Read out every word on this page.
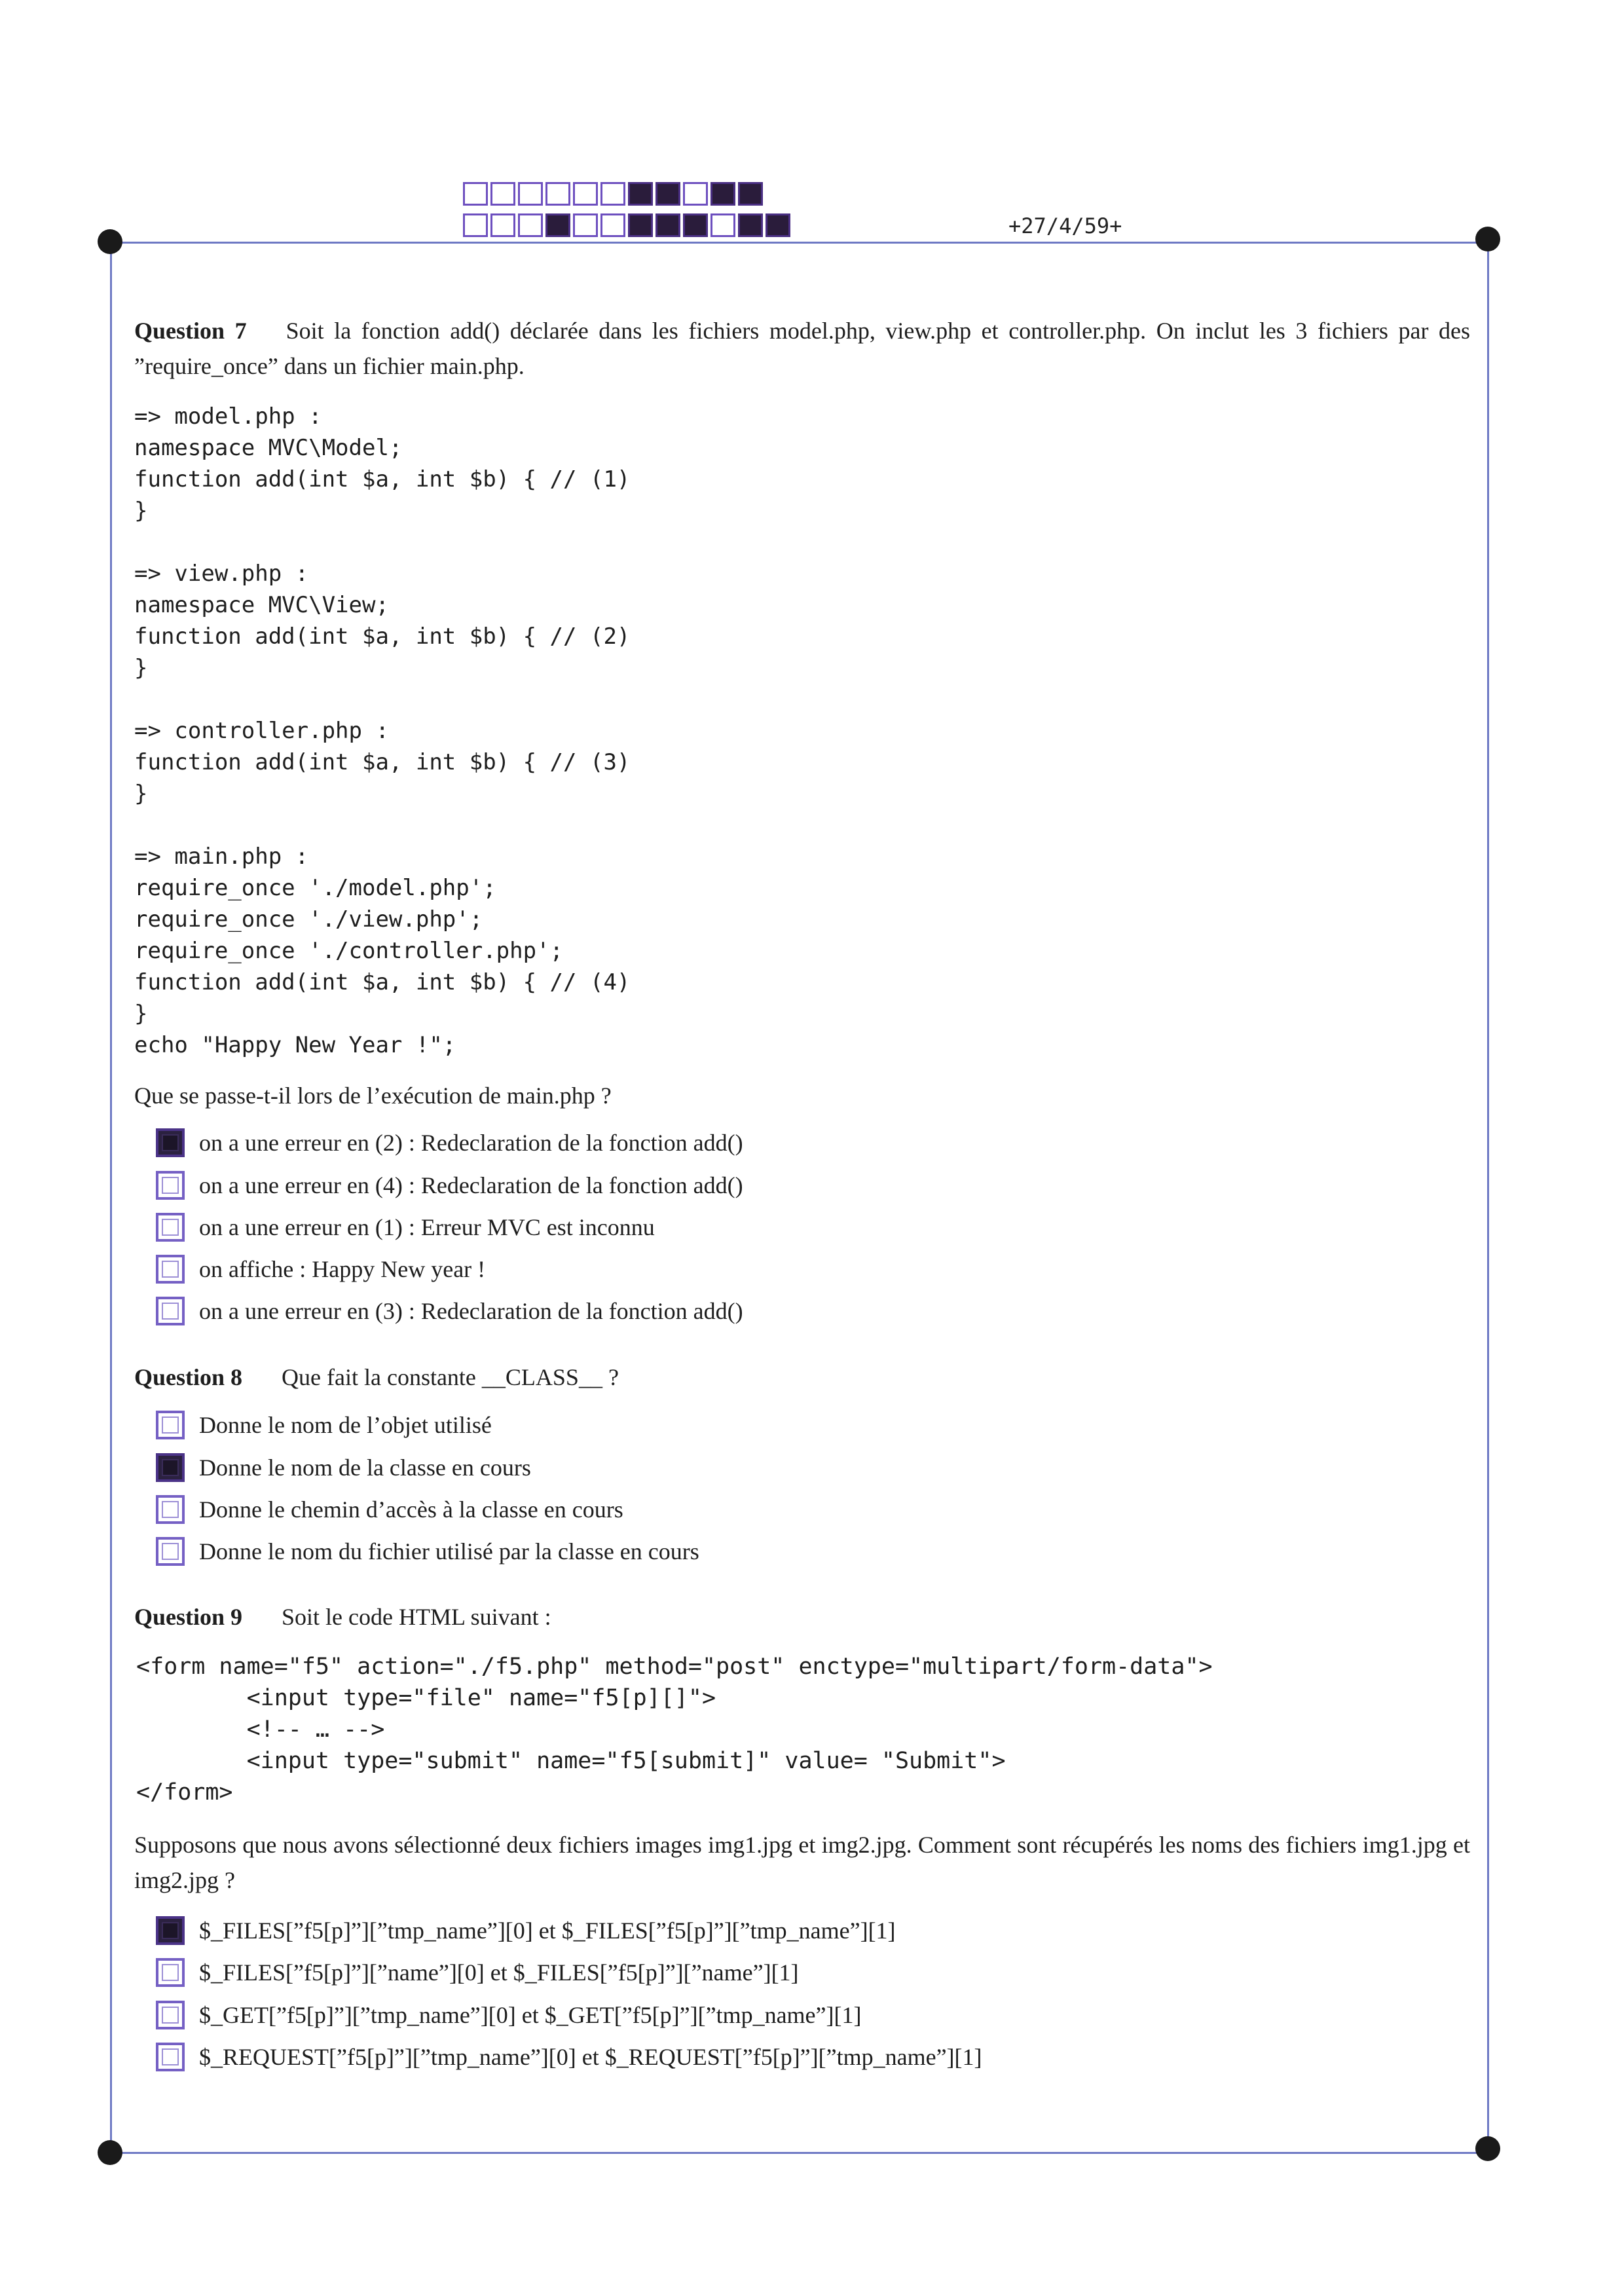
+27/4/59+
Question 7 Soit la fonction add() déclarée dans les fichiers model.php, view.php et controller.php. On inclut les 3 fichiers par des ”require_once” dans un fichier main.php.
=> model.php :
namespace MVC\Model;
function add(int $a, int $b) { // (1)
}

=> view.php :
namespace MVC\View;
function add(int $a, int $b) { // (2)
}

=> controller.php :
function add(int $a, int $b) { // (3)
}

=> main.php :
require_once './model.php';
require_once './view.php';
require_once './controller.php';
function add(int $a, int $b) { // (4)
}
echo "Happy New Year !";
Que se passe-t-il lors de l’exécution de main.php ?
on a une erreur en (2) : Redeclaration de la fonction add()
on a une erreur en (4) : Redeclaration de la fonction add()
on a une erreur en (1) : Erreur MVC est inconnu
on affiche : Happy New year !
on a une erreur en (3) : Redeclaration de la fonction add()
Question 8 Que fait la constante __CLASS__ ?
Donne le nom de l’objet utilisé
Donne le nom de la classe en cours
Donne le chemin d’accès à la classe en cours
Donne le nom du fichier utilisé par la classe en cours
Question 9 Soit le code HTML suivant :
<form name="f5" action="./f5.php" method="post" enctype="multipart/form-data">
<input type="file" name="f5[p][]">
<!-- … -->
<input type="submit" name="f5[submit]" value= "Submit">
</form>
Supposons que nous avons sélectionné deux fichiers images img1.jpg et img2.jpg. Comment sont récupérés les noms des fichiers img1.jpg et img2.jpg ?
$_FILES[”f5[p]”][”tmp_name”][0] et $_FILES[”f5[p]”][”tmp_name”][1]
$_FILES[”f5[p]”][”name”][0] et $_FILES[”f5[p]”][”name”][1]
$_GET[”f5[p]”][”tmp_name”][0] et $_GET[”f5[p]”][”tmp_name”][1]
$_REQUEST[”f5[p]”][”tmp_name”][0] et $_REQUEST[”f5[p]”][”tmp_name”][1]
